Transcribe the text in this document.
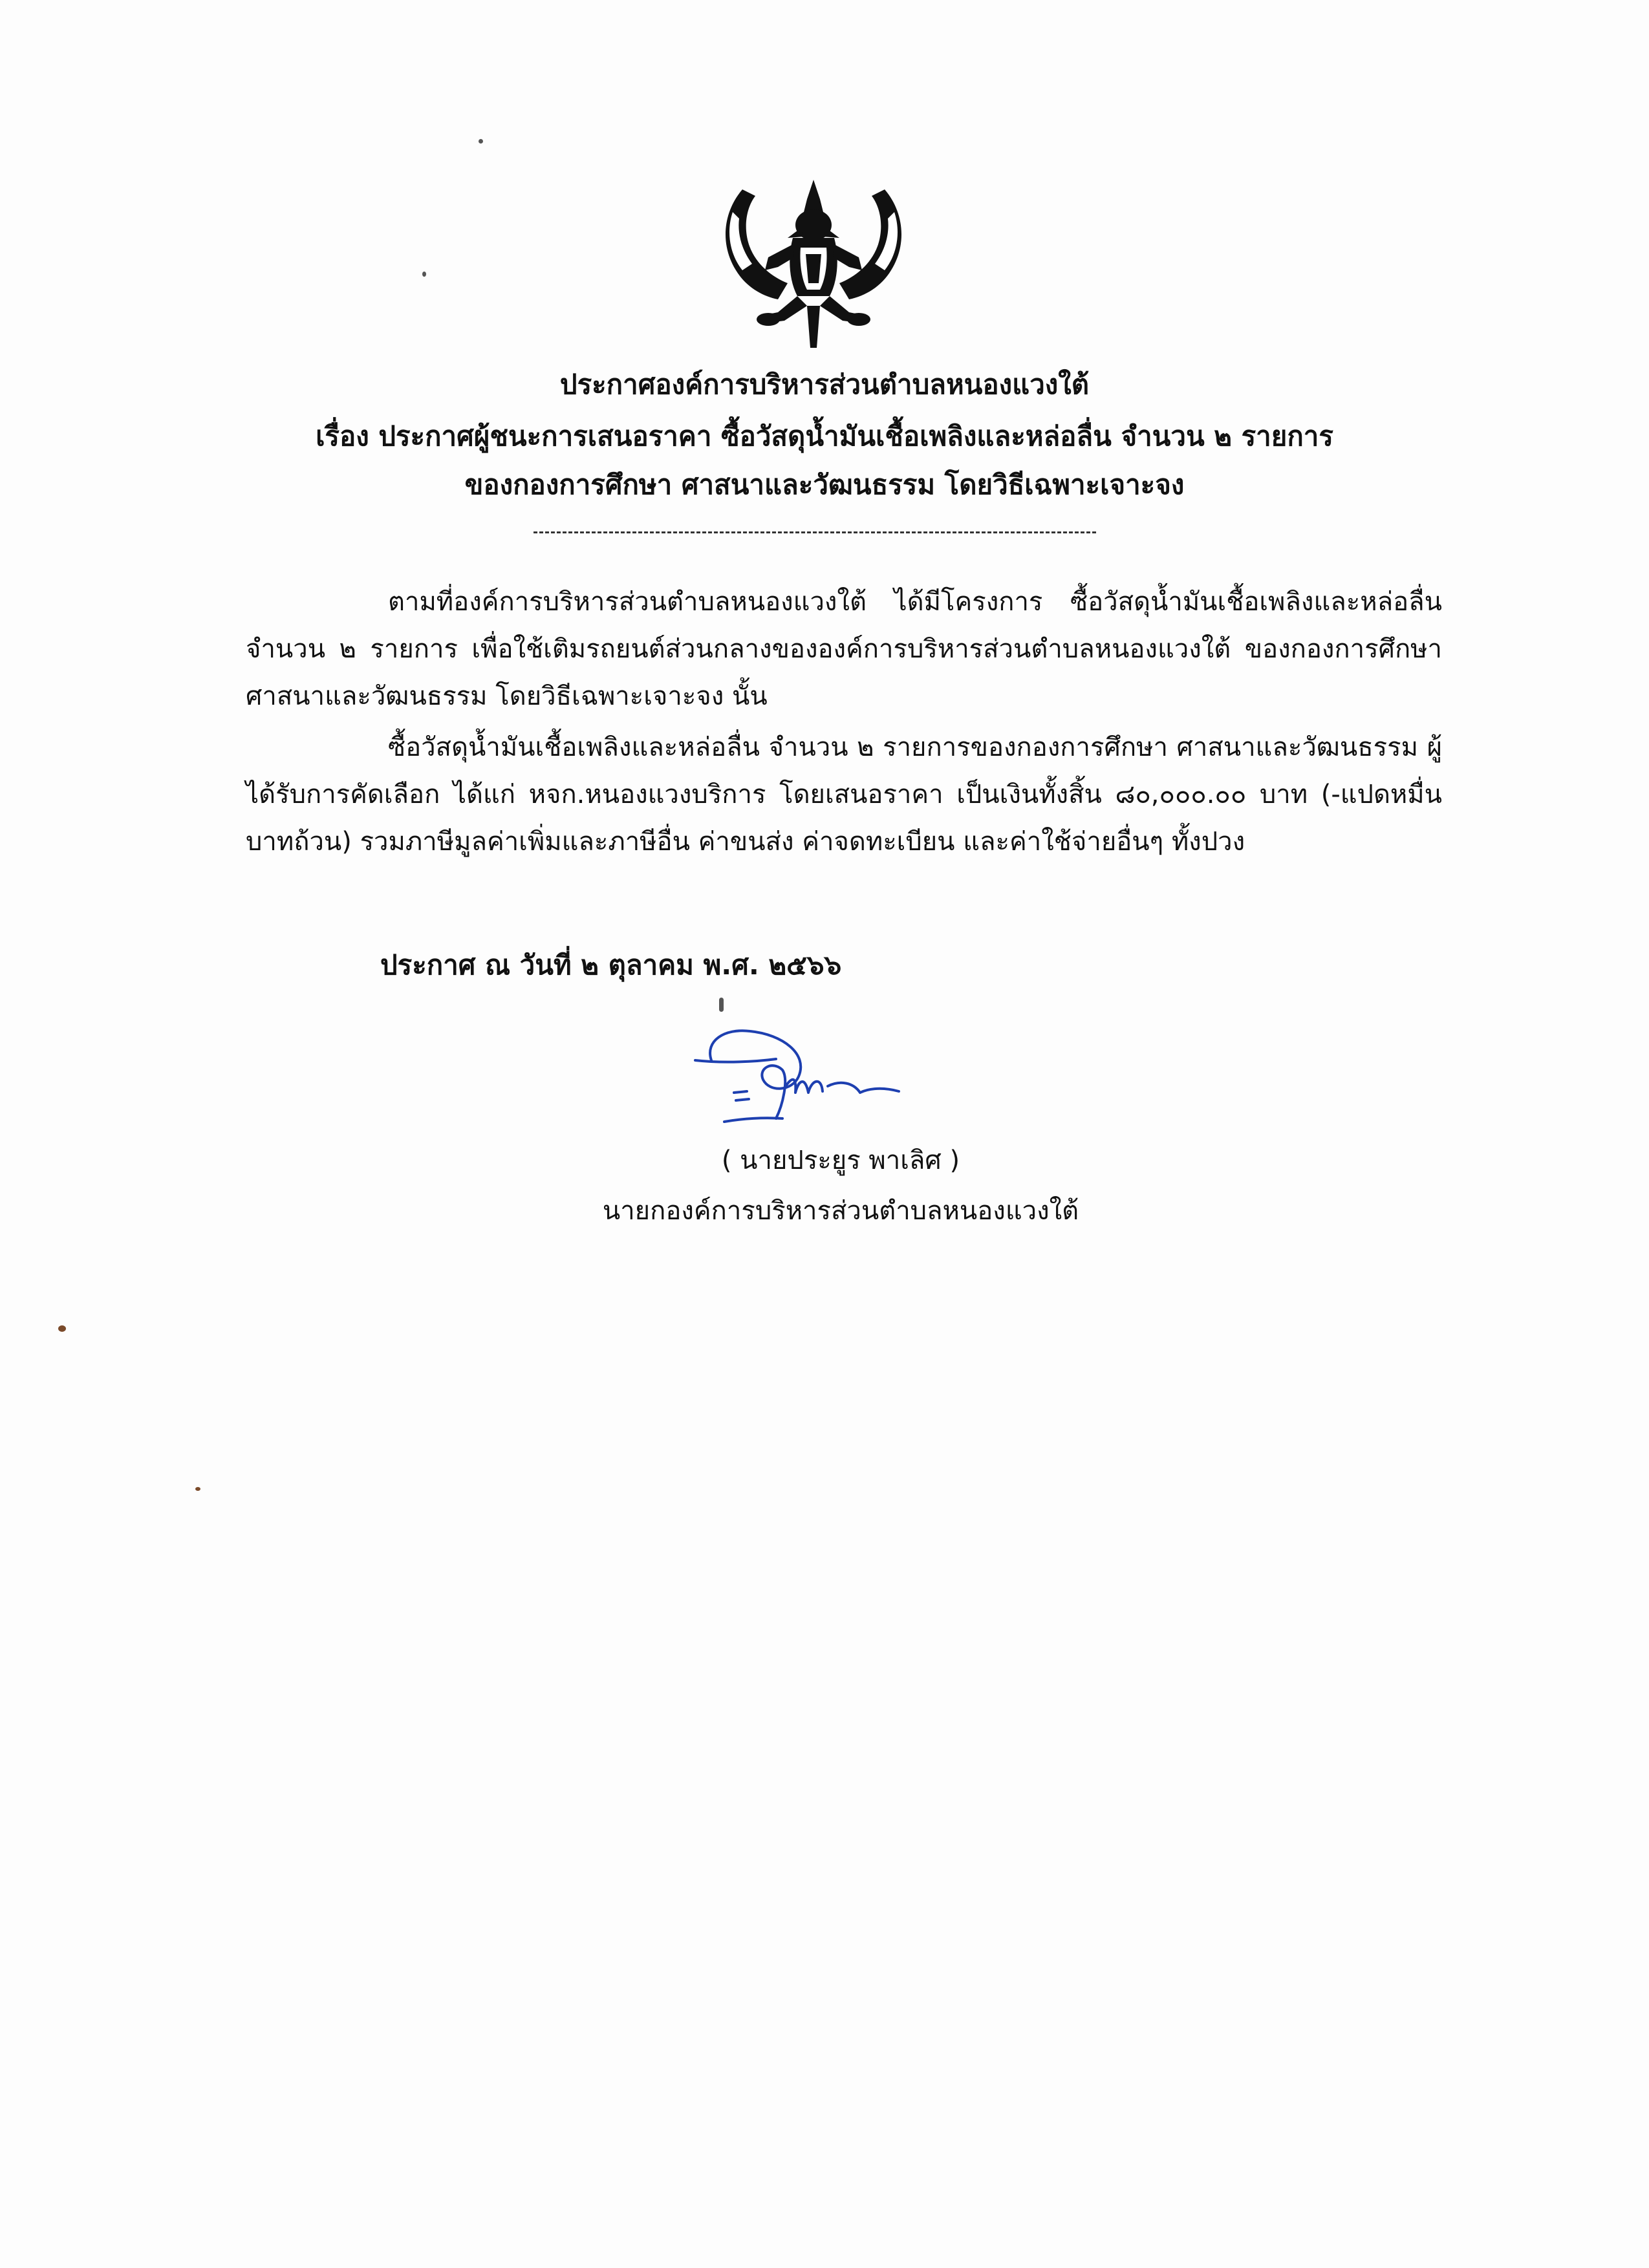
ประกาศองค์การบริหารส่วนตำบลหนองแวงใต้
เรื่อง ประกาศผู้ชนะการเสนอราคา ซื้อวัสดุน้ำมันเชื้อเพลิงและหล่อลื่น จำนวน ๒ รายการ
ของกองการศึกษา ศาสนาและวัฒนธรรม โดยวิธีเฉพาะเจาะจง

ตามที่องค์การบริหารส่วนตำบลหนองแวงใต้ ได้มีโครงการ ซื้อวัสดุน้ำมันเชื้อเพลิงและหล่อลื่น จำนวน ๒ รายการ เพื่อใช้เติมรถยนต์ส่วนกลางขององค์การบริหารส่วนตำบลหนองแวงใต้ ของกองการศึกษา ศาสนาและวัฒนธรรม โดยวิธีเฉพาะเจาะจง นั้น

ซื้อวัสดุน้ำมันเชื้อเพลิงและหล่อลื่น จำนวน ๒ รายการของกองการศึกษา ศาสนาและวัฒนธรรม ผู้ได้รับการคัดเลือก ได้แก่ หจก.หนองแวงบริการ โดยเสนอราคา เป็นเงินทั้งสิ้น ๘๐,๐๐๐.๐๐ บาท (-แปดหมื่นบาทถ้วน) รวมภาษีมูลค่าเพิ่มและภาษีอื่น ค่าขนส่ง ค่าจดทะเบียน และค่าใช้จ่ายอื่นๆ ทั้งปวง

ประกาศ ณ วันที่ ๒ ตุลาคม พ.ศ. ๒๕๖๖
( นายประยูร พาเลิศ )
นายกองค์การบริหารส่วนตำบลหนองแวงใต้
